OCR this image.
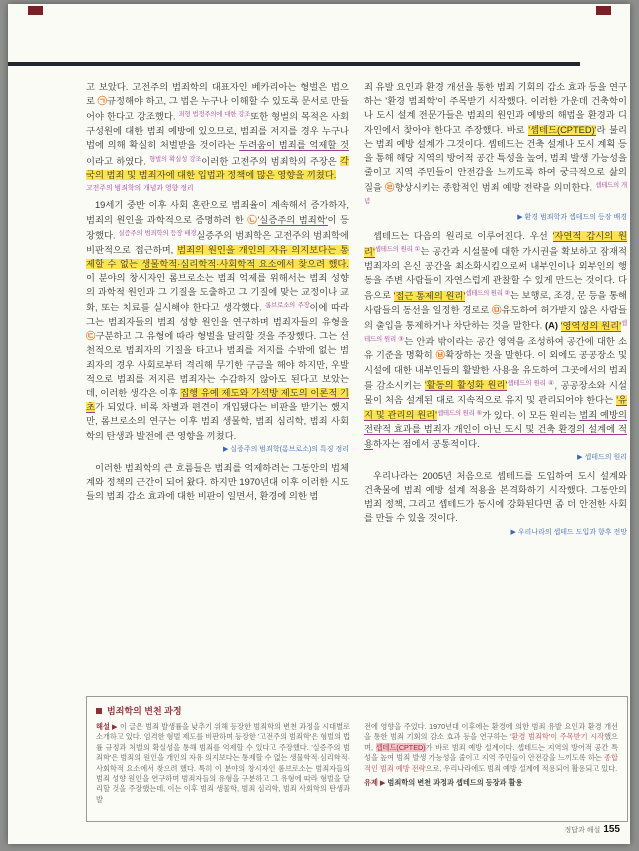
고 보았다. 고전주의 범죄학의 대표자인 베카리아는 형벌은 법으로 ㉠규정해야 하고, 그 법은 누구나 이해할 수 있도록 문서로 만들어야 한다고 강조했다. $^{죄형 법정주의에 대한 강조}$또한 형벌의 목적은 사회 구성원에 대한 범죄 예방에 있으므로, 범죄를 저지를 경우 누구나 법에 의해 확실히 처벌받을 것이라는 두려움이 범죄를 억제할 것이라고 하였다. $^{형벌의 확실성 강조}$이러한 고전주의 범죄학의 주장은 각국의 범죄 및 범죄자에 대한 입법과 정책에 많은 영향을 끼쳤다.
고전주의 범죄학의 개념과 영향 정리
19세기 중반 이후 사회 혼란으로 범죄율이 계속해서 증가하자, 범죄의 원인을 과학적으로 증명하려 한 ㉡'실증주의 범죄학'이 등장했다. $^{실증주의 범죄학의 등장 배경}$실증주의 범죄학은 고전주의 범죄학에 비판적으로 접근하며, 범죄의 원인을 개인의 자유 의지보다는 통제할 수 없는 생물학적·심리학적·사회학적 요소에서 찾으려 했다. 이 분야의 창시자인 롬브로소는 범죄 억제를 위해서는 범죄 성향의 과학적 원인과 그 기질을 도출하고 그 기질에 맞는 교정이나 교화, 또는 치료를 실시해야 한다고 생각했다. $^{롬브로소의 주장}$이에 따라 그는 범죄자들의 범죄 성향 원인을 연구하며 범죄자들의 유형을 ㉢구분하고 그 유형에 따라 형벌을 달리할 것을 주장했다. 그는 선천적으로 범죄자의 기질을 타고나 범죄를 저지를 수밖에 없는 범죄자의 경우 사회로부터 격리해 무기한 구금을 해야 하지만, 우발적으로 범죄를 저지른 범죄자는 수감하지 않아도 된다고 보았는데, 이러한 생각은 이후 집행 유예 제도와 가석방 제도의 이론적 기초가 되었다. 비록 차별과 편견이 개입됐다는 비판을 받기는 했지만, 롬브로소의 연구는 이후 범죄 생물학, 범죄 심리학, 범죄 사회학의 탄생과 발전에 큰 영향을 끼쳤다.
▶ 실증주의 범죄학(롬브로소)의 특징 정리
이러한 범죄학의 큰 흐름들은 범죄를 억제하려는 그동안의 법체계와 정책의 근간이 되어 왔다. 하지만 1970년대 이후 이러한 시도들의 범죄 감소 효과에 대한 비판이 일면서, 환경에 의한 범
죄 유발 요인과 환경 개선을 통한 범죄 기회의 감소 효과 등을 연구하는 '환경 범죄학'이 주목받기 시작했다. 이러한 가운데 건축학이나 도시 설계 전문가들은 범죄의 원인과 예방의 해법을 환경과 디자인에서 찾아야 한다고 주장했다. 바로 '셉테드(CPTED)'라 불리는 범죄 예방 설계가 그것이다. 셉테드는 건축 설계나 도시 계획 등을 통해 해당 지역의 방어적 공간 특성을 높여, 범죄 발생 가능성을 줄이고 지역 주민들이 안전감을 느끼도록 하여 궁극적으로 삶의 질을 ㉣향상시키는 종합적인 범죄 예방 전략을 의미한다. $^{셉테드의 개념}$
▶ 환경 범죄학과 셉테드의 등장 배경
셉테드는 다음의 원리로 이루어진다. 우선 '자연적 감시의 원리'$^{셉테드의 원리 ①}$는 공간과 시설물에 대한 가시권을 확보하고 잠재적 범죄자의 은신 공간을 최소화시킴으로써 내부인이나 외부인의 행동을 주변 사람들이 자연스럽게 관찰할 수 있게 만드는 것이다. 다음으로 '접근 통제의 원리'$^{셉테드의 원리 ②}$는 보행로, 조경, 문 등을 통해 사람들의 동선을 일정한 경로로 ㉤유도하여 허가받지 않은 사람들의 출입을 통제하거나 차단하는 것을 말한다. (A) '영역성의 원리'$^{셉테드의 원리 ③}$는 안과 밖이라는 공간 영역을 조성하여 공간에 대한 소유 기준을 명확히 ㉥확장하는 것을 말한다. 이 외에도 공공장소 및 시설에 대한 내부인들의 활발한 사용을 유도하여 그곳에서의 범죄를 감소시키는 '활동의 활성화 원리'$^{셉테드의 원리 ④}$, 공공장소와 시설물이 처음 설계된 대로 지속적으로 유지 및 관리되어야 한다는 '유지 및 관리의 원리'$^{셉테드의 원리 ⑤}$가 있다. 이 모든 원리는 범죄 예방의 전략적 효과를 범죄자 개인이 아닌 도시 및 건축 환경의 설계에 적용하자는 점에서 공통적이다.
▶ 셉테드의 원리
우리나라는 2005년 처음으로 셉테드를 도입하여 도시 설계와 건축물에 범죄 예방 설계 적용을 본격화하기 시작했다. 그동안의 범죄 정책, 그리고 셉테드가 동시에 강화된다면 좀 더 안전한 사회를 만들 수 있을 것이다.
▶ 우리나라의 셉테드 도입과 향후 전망
범죄학의 변천 과정
해설 ▶ 이 글은 범죄 발생률을 낮추기 위해 등장한 범죄학의 변천 과정을 시대별로 소개하고 있다. 엄격한 형벌 제도를 비판하며 등장한 '고전주의 범죄학'은 형벌의 법률 규정과 처벌의 확실성을 통해 범죄를 억제할 수 있다고 주장했다. '실증주의 범죄학'은 범죄의 원인을 개인의 자유 의지보다는 통제할 수 없는 생물학적·심리학적·사회학적 요소에서 찾으려 했다. 특히 이 분야의 창시자인 롬브로소는 범죄자들의 범죄 성향 원인을 연구하며 범죄자들의 유형을 구분하고 그 유형에 따라 형벌을 달리할 것을 주장했는데, 이는 이후 범죄 생물학, 범죄 심리학, 범죄 사회학의 탄생과 발
전에 영향을 주었다. 1970년대 이후에는 환경에 의한 범죄 유발 요인과 환경 개선을 통한 범죄 기회의 감소 효과 등을 연구하는 '환경 범죄학'이 주목받기 시작했으며, 셉테드(CPTED)가 바로 범죄 예방 설계이다. 셉테드는 지역의 방어적 공간 특성을 높여 범죄 발생 가능성을 줄이고 지역 주민들이 안전감을 느끼도록 하는 종합적인 범죄 예방 전략으로, 우리나라에도 범죄 예방 설계에 적용되어 활용되고 있다.
유제 ▶ 범죄학의 변천 과정과 셉테드의 등장과 활용
정답과 해설 155
